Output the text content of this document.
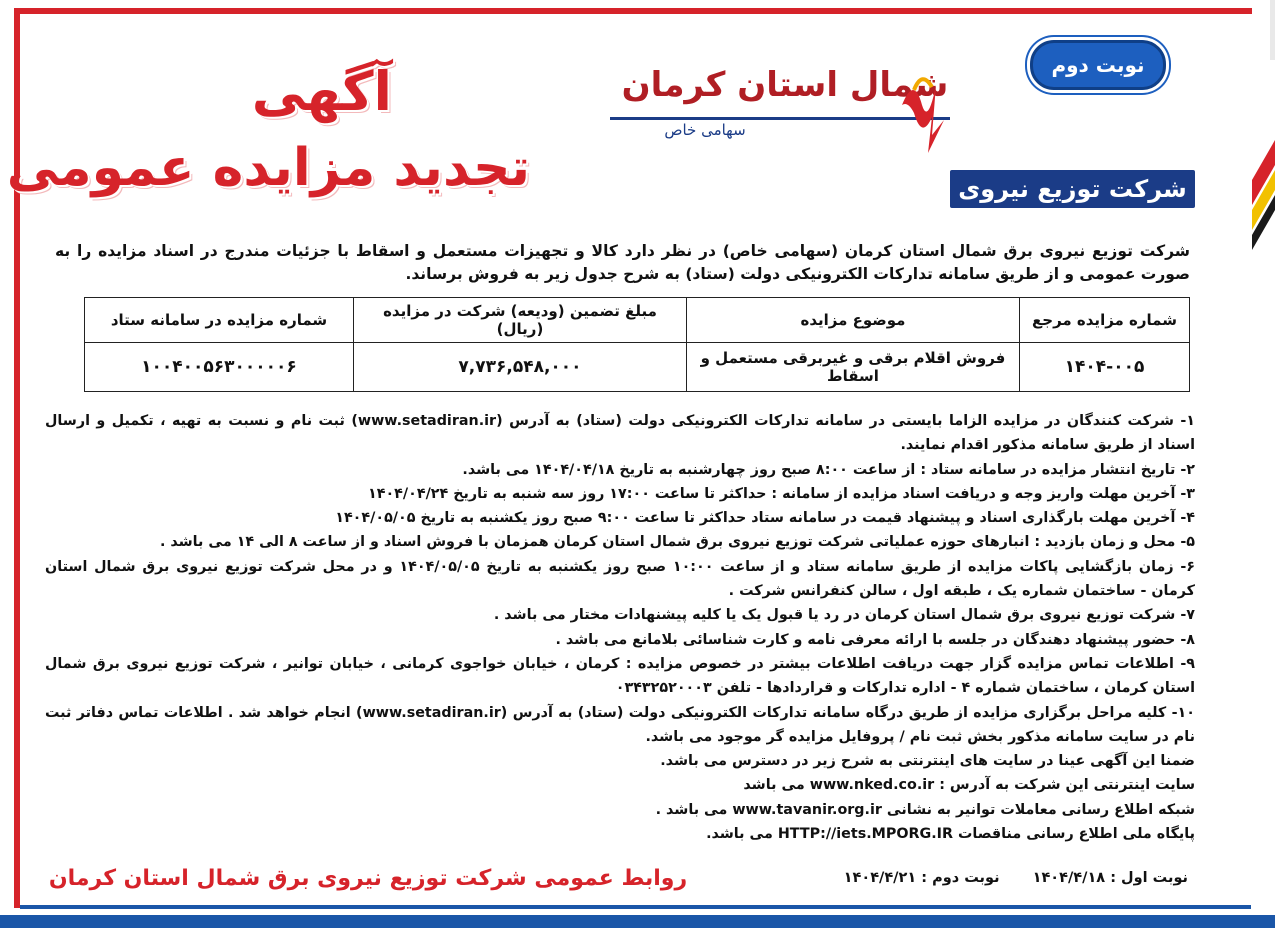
نوبت دوم
شمال استان کرمان
سهامی خاص
شرکت توزیع نیروی برق
آگهی
تجدید مزایده عمومی
شرکت توزیع نیروی برق شمال استان کرمان (سهامی خاص) در نظر دارد کالا و تجهیزات مستعمل و اسقاط با جزئیات مندرج در اسناد مزایده را به صورت عمومی و از طریق سامانه تدارکات الکترونیکی دولت (ستاد) به شرح جدول زیر به فروش برساند.
شماره مزایده مرجع	موضوع مزایده	مبلغ تضمین (ودیعه) شرکت در مزایده (ریال)	شماره مزایده در سامانه ستاد
۱۴۰۴-۰۰۵	فروش اقلام برقی و غیربرقی مستعمل و اسقاط	۷,۷۳۶,۵۴۸,۰۰۰	۱۰۰۴۰۰۵۶۳۰۰۰۰۰۶

۱- شرکت کنندگان در مزایده الزاما بایستی در سامانه تدارکات الکترونیکی دولت (ستاد) به آدرس (www.setadiran.ir) ثبت نام و نسبت به تهیه ، تکمیل و ارسال اسناد از طریق سامانه مذکور اقدام نمایند.

۲- تاریخ انتشار مزایده در سامانه ستاد : از ساعت ۸:۰۰ صبح روز چهارشنبه به تاریخ ۱۴۰۴/۰۴/۱۸ می باشد.

۳- آخرین مهلت واریز وجه و دریافت اسناد مزایده از سامانه : حداکثر تا ساعت ۱۷:۰۰ روز سه شنبه به تاریخ ۱۴۰۴/۰۴/۲۴

۴- آخرین مهلت بارگذاری اسناد و پیشنهاد قیمت در سامانه ستاد حداکثر تا ساعت ۹:۰۰ صبح روز یکشنبه به تاریخ ۱۴۰۴/۰۵/۰۵

۵- محل و زمان بازدید : انبارهای حوزه عملیاتی شرکت توزیع نیروی برق شمال استان کرمان همزمان با فروش اسناد و از ساعت ۸ الی ۱۴ می باشد .

۶- زمان بازگشایی پاکات مزایده از طریق سامانه ستاد و از ساعت ۱۰:۰۰ صبح روز یکشنبه به تاریخ ۱۴۰۴/۰۵/۰۵ و در محل شرکت توزیع نیروی برق شمال استان کرمان - ساختمان شماره یک ، طبقه اول ، سالن کنفرانس شرکت .

۷- شرکت توزیع نیروی برق شمال استان کرمان در رد یا قبول یک یا کلیه پیشنهادات مختار می باشد .

۸- حضور پیشنهاد دهندگان در جلسه با ارائه معرفی نامه و کارت شناسائی بلامانع می باشد .

۹- اطلاعات تماس مزایده گزار جهت دریافت اطلاعات بیشتر در خصوص مزایده : کرمان ، خیابان خواجوی کرمانی ، خیابان توانیر ، شرکت توزیع نیروی برق شمال استان کرمان ، ساختمان شماره ۴ - اداره تدارکات و قراردادها - تلفن ۰۳۴۳۲۵۲۰۰۰۳

۱۰- کلیه مراحل برگزاری مزایده از طریق درگاه سامانه تدارکات الکترونیکی دولت (ستاد) به آدرس (www.setadiran.ir) انجام خواهد شد . اطلاعات تماس دفاتر ثبت نام در سایت سامانه مذکور بخش ثبت نام / پروفایل مزایده گر موجود می باشد.

ضمنا این آگهی عینا در سایت های اینترنتی به شرح زیر در دسترس می باشد.

سایت اینترنتی این شرکت به آدرس : www.nked.co.ir می باشد

شبکه اطلاع رسانی معاملات توانیر به نشانی www.tavanir.org.ir می باشد .

پایگاه ملی اطلاع رسانی مناقصات HTTP://iets.MPORG.IR می باشد.

نوبت اول : ۱۴۰۴/۴/۱۸ نوبت دوم : ۱۴۰۴/۴/۲۱
روابط عمومی شرکت توزیع نیروی برق شمال استان کرمان
